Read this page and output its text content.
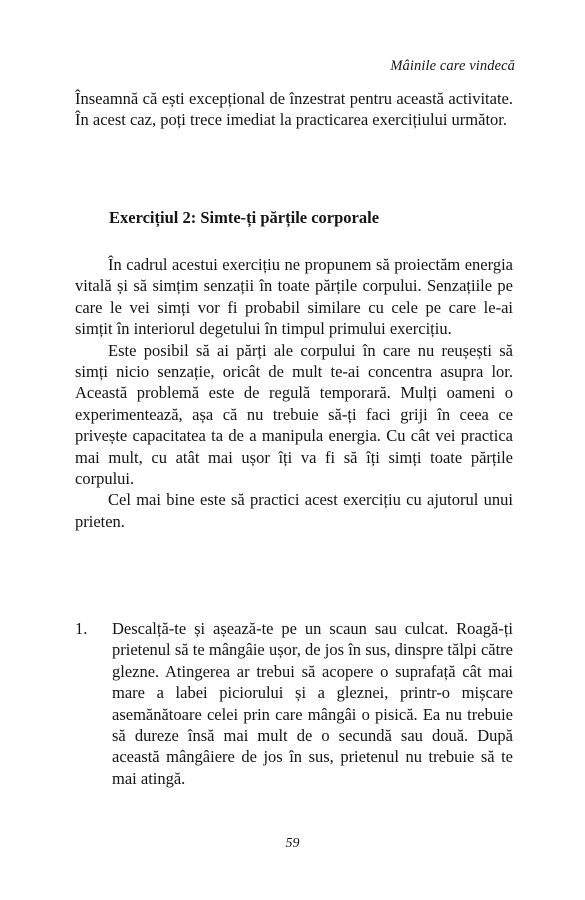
Mâinile care vindecă

Înseamnă că ești excepțional de înzestrat pentru această activitate. În acest caz, poți trece imediat la practicarea exercițiului următor.

Exercițiul 2: Simte-ți părțile corporale

În cadrul acestui exercițiu ne propunem să proiectăm energia vitală și să simțim senzații în toate părțile corpului. Senzațiile pe care le vei simți vor fi probabil similare cu cele pe care le-ai simțit în interiorul degetului în timpul primului exercițiu.

Este posibil să ai părți ale corpului în care nu reușești să simți nicio senzație, oricât de mult te-ai concentra asupra lor. Această problemă este de regulă temporară. Mulți oameni o experimentează, așa că nu trebuie să-ți faci griji în ceea ce privește capacitatea ta de a manipula energia. Cu cât vei practica mai mult, cu atât mai ușor îți va fi să îți simți toate părțile corpului.

Cel mai bine este să practici acest exercițiu cu ajutorul unui prieten.

1.	Descalță-te și așează-te pe un scaun sau culcat. Roagă-ți prietenul să te mângâie ușor, de jos în sus, dinspre tălpi către glezne. Atingerea ar trebui să acopere o suprafață cât mai mare a labei piciorului și a gleznei, printr-o mișcare asemănătoare celei prin care mângâi o pisică. Ea nu trebuie să dureze însă mai mult de o secundă sau două. După această mângâiere de jos în sus, prietenul nu trebuie să te mai atingă.
59
